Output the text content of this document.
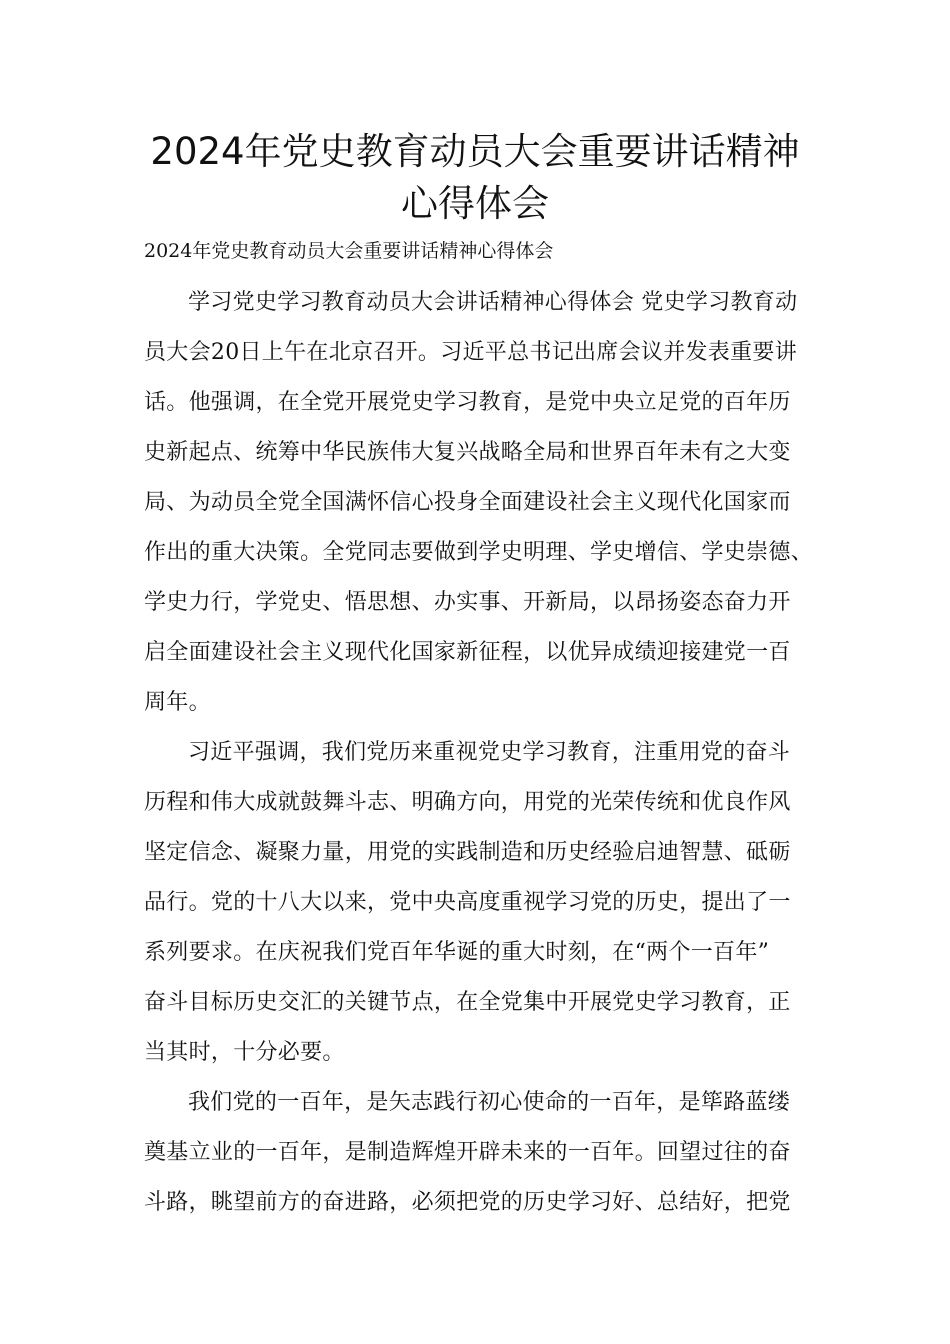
2024年党史教育动员大会重要讲话精神
心得体会
2024年党史教育动员大会重要讲话精神心得体会
学习党史学习教育动员大会讲话精神心得体会 党史学习教育动
员大会20日上午在北京召开。习近平总书记出席会议并发表重要讲
话。他强调，在全党开展党史学习教育，是党中央立足党的百年历
史新起点、统筹中华民族伟大复兴战略全局和世界百年未有之大变
局、为动员全党全国满怀信心投身全面建设社会主义现代化国家而
作出的重大决策。全党同志要做到学史明理、学史增信、学史崇德、
学史力行，学党史、悟思想、办实事、开新局，以昂扬姿态奋力开
启全面建设社会主义现代化国家新征程，以优异成绩迎接建党一百
周年。
习近平强调，我们党历来重视党史学习教育，注重用党的奋斗
历程和伟大成就鼓舞斗志、明确方向，用党的光荣传统和优良作风
坚定信念、凝聚力量，用党的实践制造和历史经验启迪智慧、砥砺
品行。党的十八大以来，党中央高度重视学习党的历史，提出了一
系列要求。在庆祝我们党百年华诞的重大时刻，在“两个一百年”
奋斗目标历史交汇的关键节点，在全党集中开展党史学习教育，正
当其时，十分必要。
我们党的一百年，是矢志践行初心使命的一百年，是筚路蓝缕
奠基立业的一百年，是制造辉煌开辟未来的一百年。回望过往的奋
斗路，眺望前方的奋进路，必须把党的历史学习好、总结好，把党
